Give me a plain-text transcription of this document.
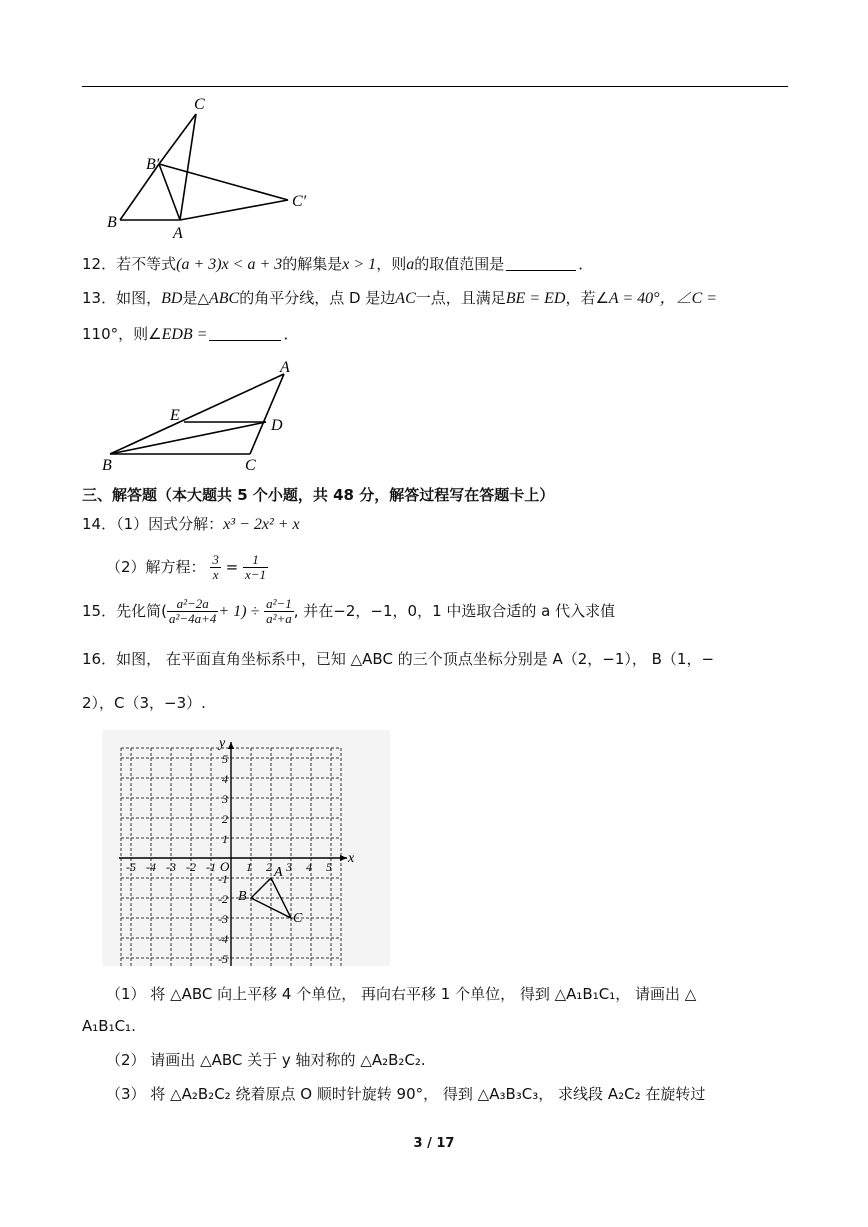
C
B′
C′
B
A
12．若不等式(a + 3)x < a + 3的解集是x > 1，则a的取值范围是	．
13．如图，BD是△ABC的角平分线，点 D 是边AC一点，且满足BE = ED，若∠A = 40°，∠C =
110°，则∠EDB =	．
A
E
D
B	C
三、解答题（本大题共 5 个小题，共 48 分，解答过程写在答题卡上）
14．（1）因式分解：x³ − 2x² + x
（2）解方程： $\frac{3}{x} = \frac{1}{x-1}$
15．先化简( $\frac{\text{a²−2a}}{\text{a²−4a+4}} + 1) \div \frac{\text{a²−1}}{\text{a²+a}}$ , 并在−2，−1，0，1 中选取合适的 a 代入求值
16．如图， 在平面直角坐标系中，已知 △ABC 的三个顶点坐标分别是 A（2，−1）， B（1，−
2），C（3，−3）.
x
y
O
-5 -4 -3 -2 -1	1 2 3 4 5
5
4
3
2
1
-1
-2
-3
-4
-5
A
B
C
（1） 将 △ABC 向上平移 4 个单位， 再向右平移 1 个单位， 得到 △A₁B₁C₁， 请画出 △
A₁B₁C₁.
（2） 请画出 △ABC 关于 y 轴对称的 △A₂B₂C₂.
（3） 将 △A₂B₂C₂ 绕着原点 O 顺时针旋转 90°， 得到 △A₃B₃C₃， 求线段 A₂C₂ 在旋转过
3 / 17
